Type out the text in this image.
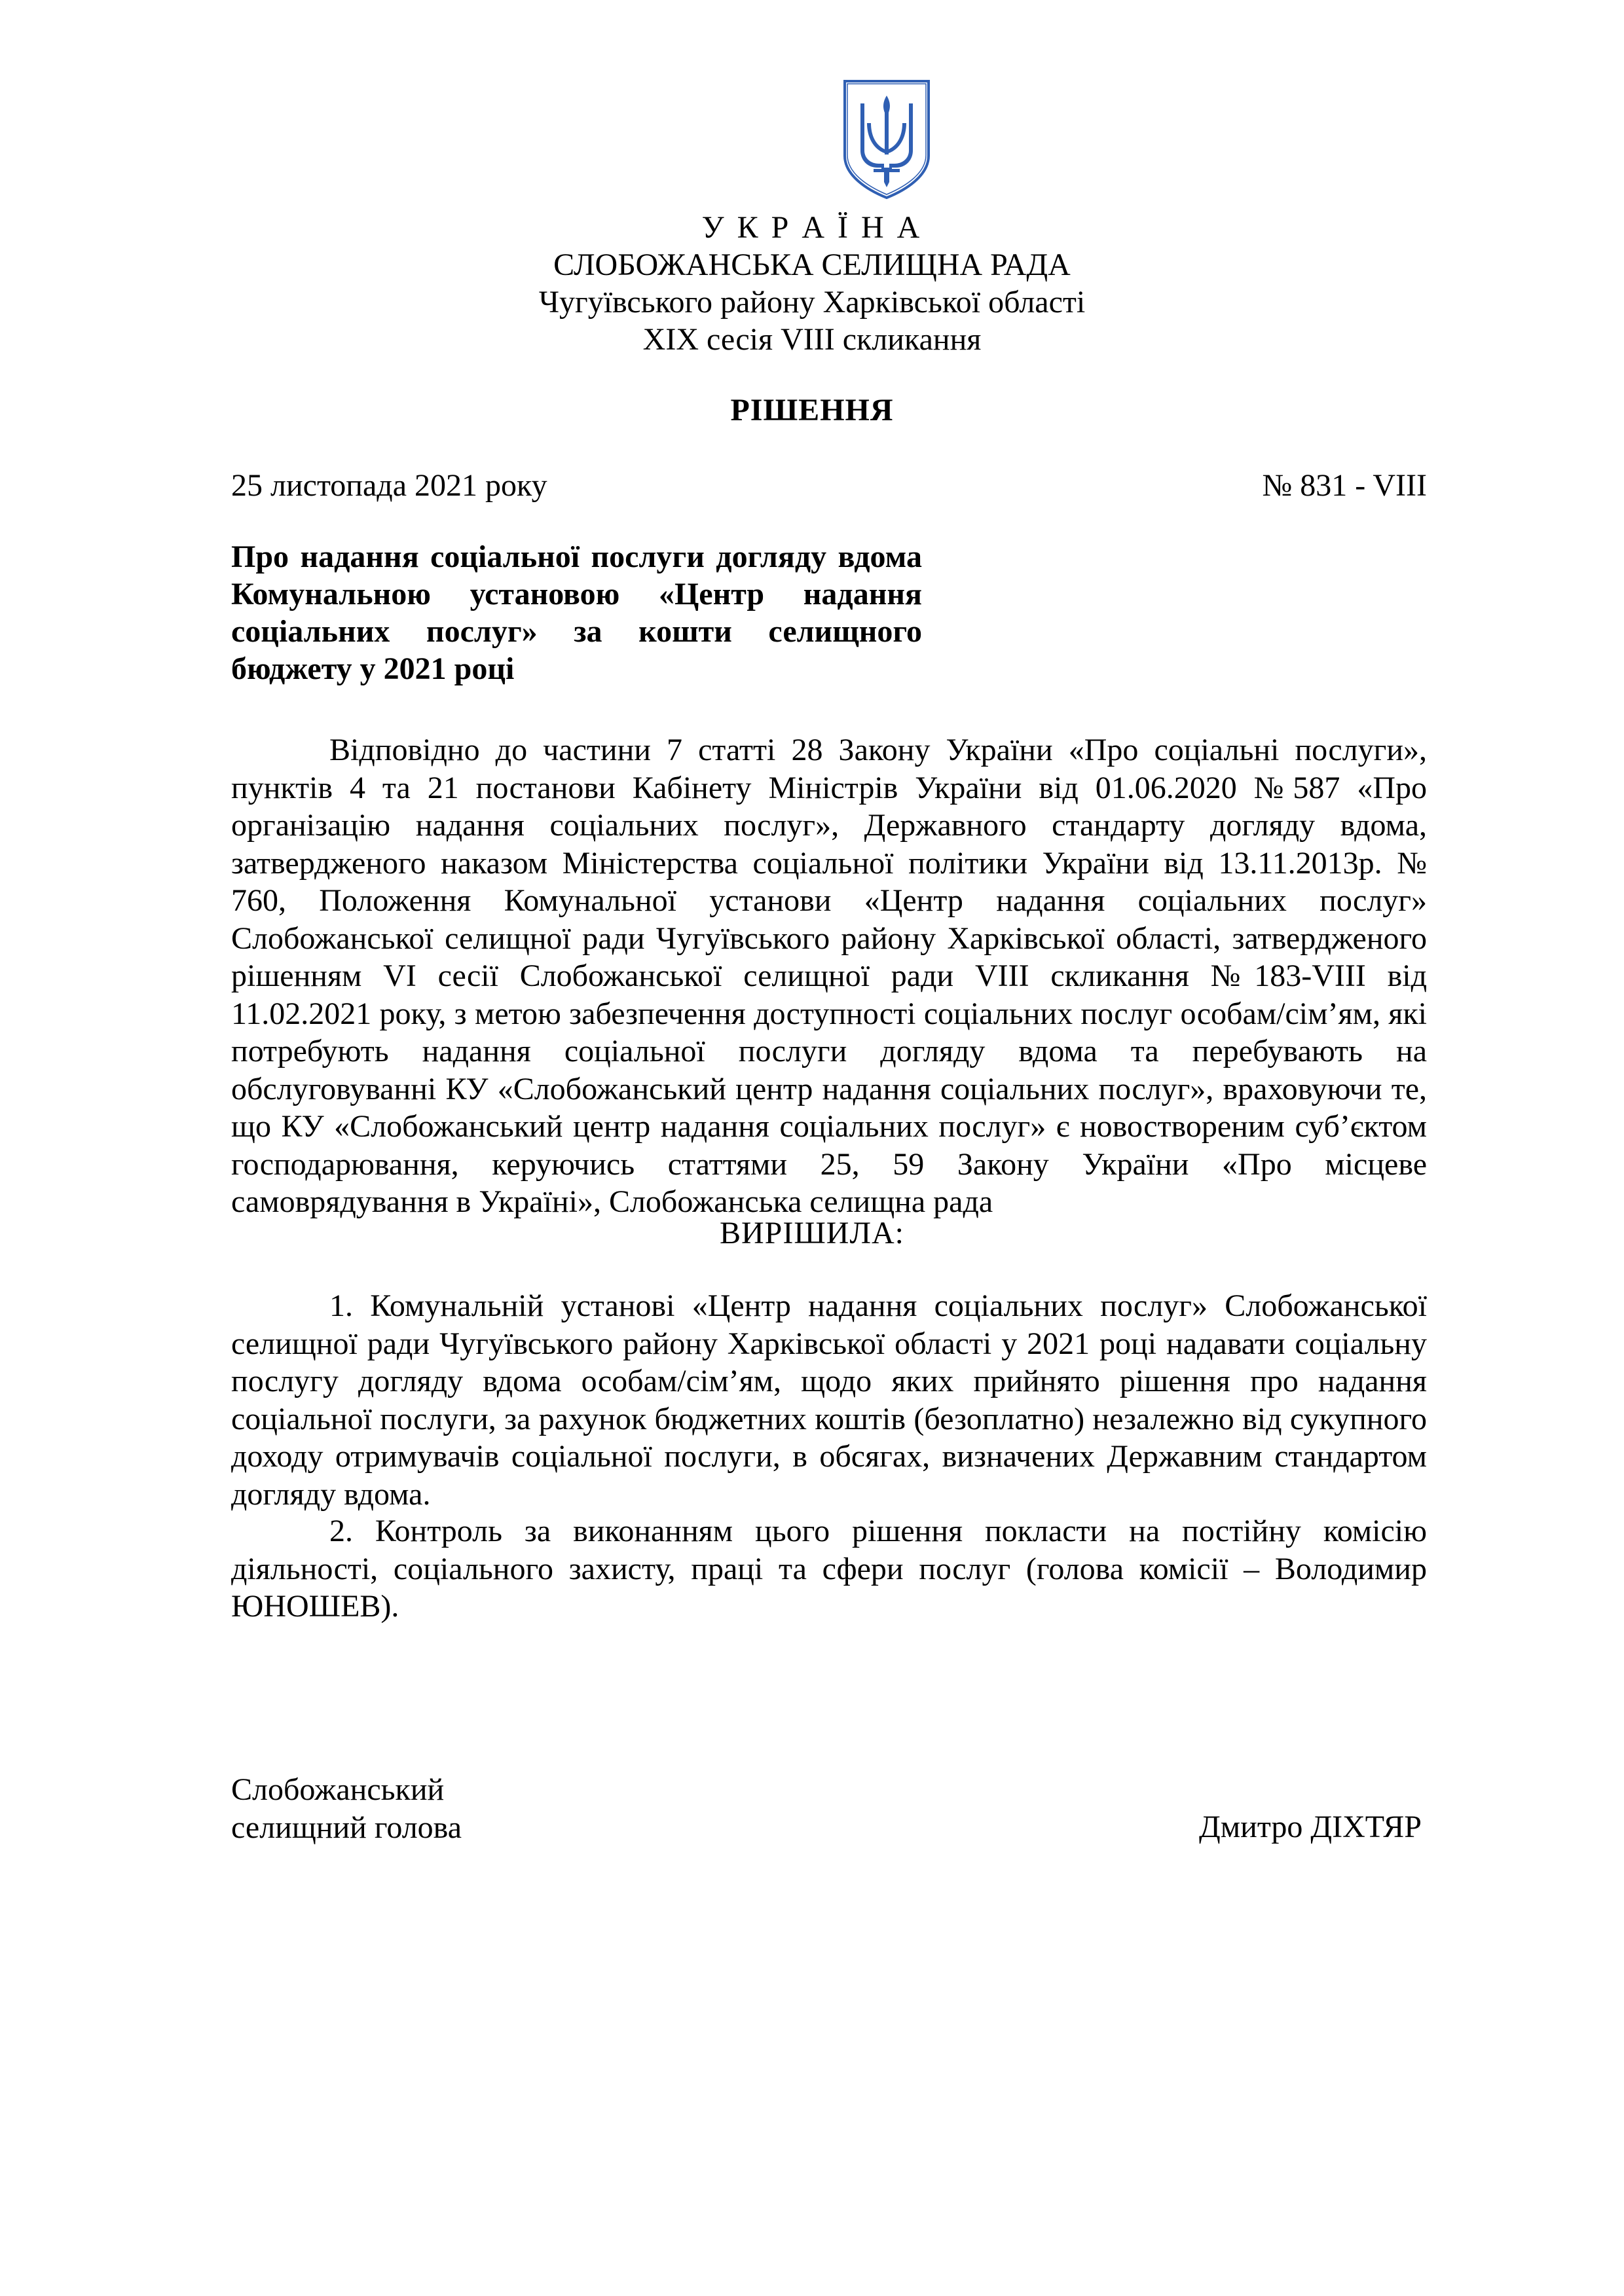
У К Р А Ї Н А
СЛОБОЖАНСЬКА СЕЛИЩНА РАДА
Чугуївського району Харківської області
XIX сесія VIII скликання
РІШЕННЯ
25 листопада 2021 року	№ 831 - VIII
Про надання соціальної послуги догляду вдома Комунальною установою «Центр надання соціальних послуг» за кошти селищного бюджету у 2021 році
Відповідно до частини 7 статті 28 Закону України «Про соціальні послуги», пунктів 4 та 21 постанови Кабінету Міністрів України від 01.06.2020 №587 «Про організацію надання соціальних послуг», Державного стандарту догляду вдома, затвердженого наказом Міністерства соціальної політики України від 13.11.2013р. № 760, Положення Комунальної установи «Центр надання соціальних послуг» Слобожанської селищної ради Чугуївського району Харківської області, затвердженого рішенням VI сесії Слобожанської селищної ради VIII скликання №183-VIII від 11.02.2021 року, з метою забезпечення доступності соціальних послуг особам/сім’ям, які потребують надання соціальної послуги догляду вдома та перебувають на обслуговуванні КУ «Слобожанський центр надання соціальних послуг», враховуючи те, що КУ «Слобожанський центр надання соціальних послуг» є новоствореним суб’єктом господарювання, керуючись статтями 25, 59 Закону України «Про місцеве самоврядування в Україні», Слобожанська селищна рада
ВИРІШИЛА:
1. Комунальній установі «Центр надання соціальних послуг» Слобожанської селищної ради Чугуївського району Харківської області у 2021 році надавати соціальну послугу догляду вдома особам/сім’ям, щодо яких прийнято рішення про надання соціальної послуги, за рахунок бюджетних коштів (безоплатно) незалежно від сукупного доходу отримувачів соціальної послуги, в обсягах, визначених Державним стандартом догляду вдома.
2. Контроль за виконанням цього рішення покласти на постійну комісію діяльності, соціального захисту, праці та сфери послуг (голова комісії – Володимир ЮНОШЕВ).
Слобожанський
селищний голова	Дмитро ДІХТЯР
